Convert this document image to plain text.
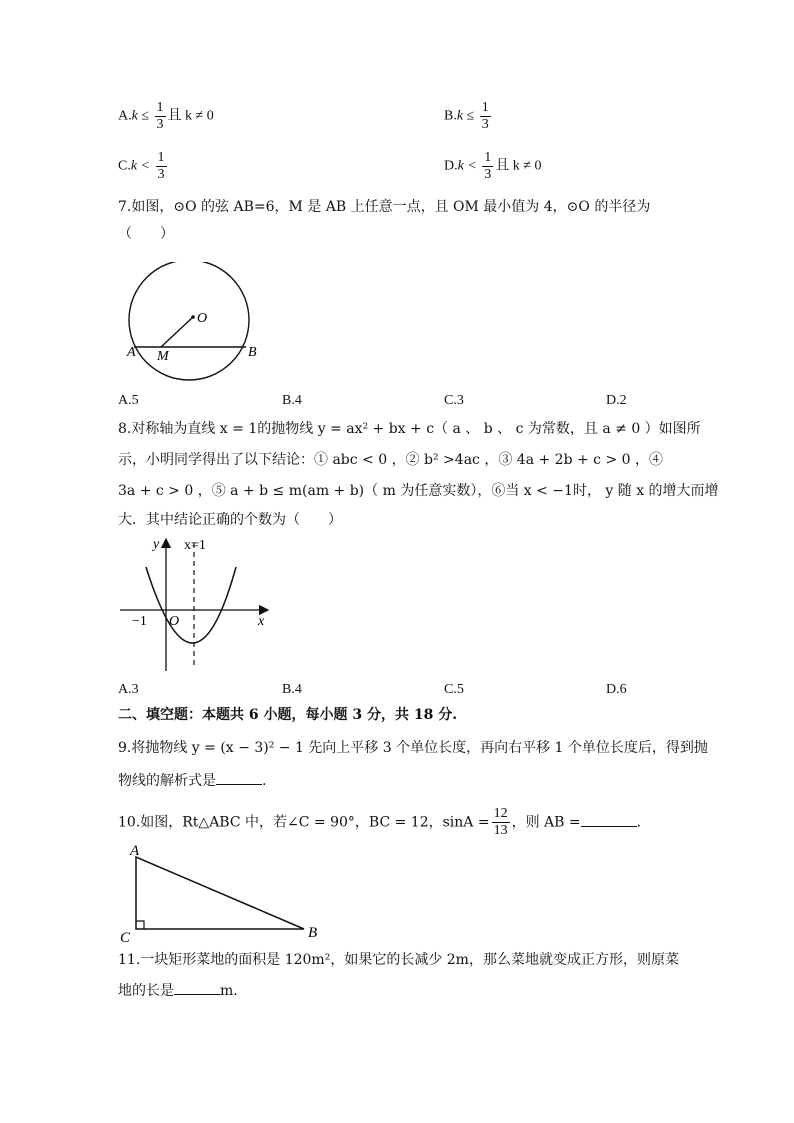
$A.k \le \frac{1}{3}$ 且 k ≠ 0	$B.k \le \frac{1}{3}$
$C.k < \frac{1}{3}$	$D.k < \frac{1}{3}$ 且 k ≠ 0
7.如图，⊙O 的弦 AB=6，M 是 AB 上任意一点，且 OM 最小值为 4，⊙O 的半径为
（　　）
O
A M	B
A.5	B.4	C.3	D.2
8.对称轴为直线 x = 1的抛物线 y = ax² + bx + c（ a 、 b 、 c 为常数，且 a ≠ 0 ）如图所
示，小明同学得出了以下结论：① abc < 0 ，② b² >4ac ，③ 4a + 2b + c > 0 ，④
3a + c > 0 ，⑤ a + b ≤ m(am + b)（ m 为任意实数），⑥当 x < −1时， y 随 x 的增大而增
大．其中结论正确的个数为（　　）
y x=1
−1 O	x
A.3	B.4	C.5	D.6
二、填空题：本题共 6 小题，每小题 3 分，共 18 分.
9.将抛物线 y = (x − 3)² − 1 先向上平移 3 个单位长度，再向右平移 1 个单位长度后，得到抛
物线的解析式是	.
10.如图，Rt△ABC 中，若∠C = 90°，BC = 12，$\sin A = \frac{12}{13}$ ，则 AB =	.
A
C	B
11.一块矩形菜地的面积是 120m²，如果它的长减少 2m，那么菜地就变成正方形，则原菜
地的长是	m.
